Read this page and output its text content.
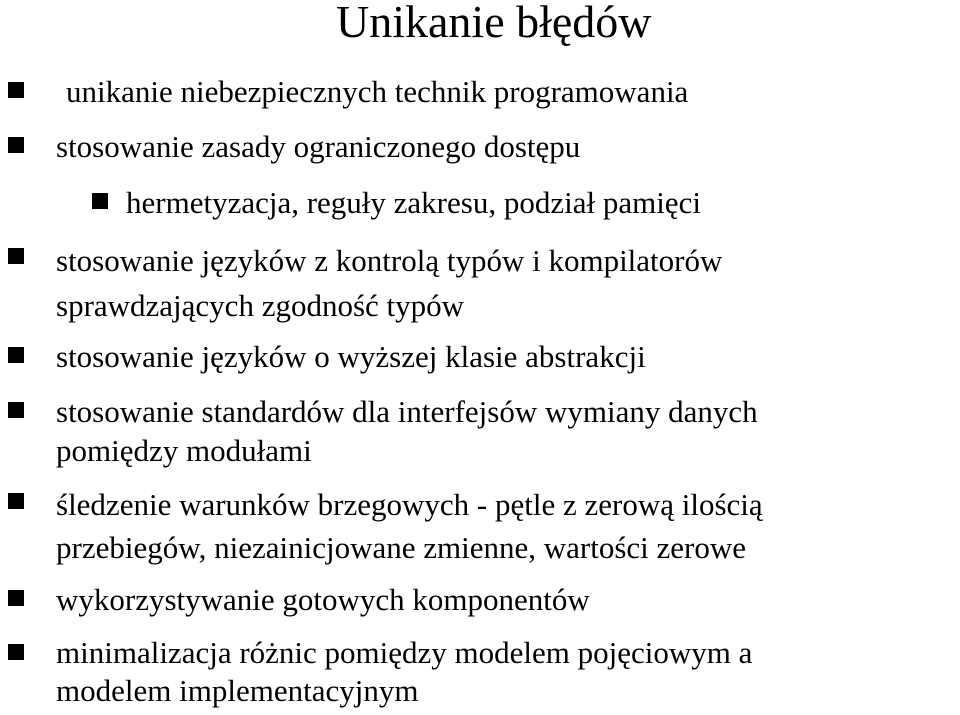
Unikanie błędów
unikanie niebezpiecznych technik programowania
stosowanie zasady ograniczonego dostępu
hermetyzacja, reguły zakresu, podział pamięci
stosowanie języków z kontrolą typów i kompilatorów
sprawdzających zgodność typów
stosowanie języków o wyższej klasie abstrakcji
stosowanie standardów dla interfejsów wymiany danych
pomiędzy modułami
śledzenie warunków brzegowych - pętle z zerową ilością
przebiegów, niezainicjowane zmienne, wartości zerowe
wykorzystywanie gotowych komponentów
minimalizacja różnic pomiędzy modelem pojęciowym a
modelem implementacyjnym
